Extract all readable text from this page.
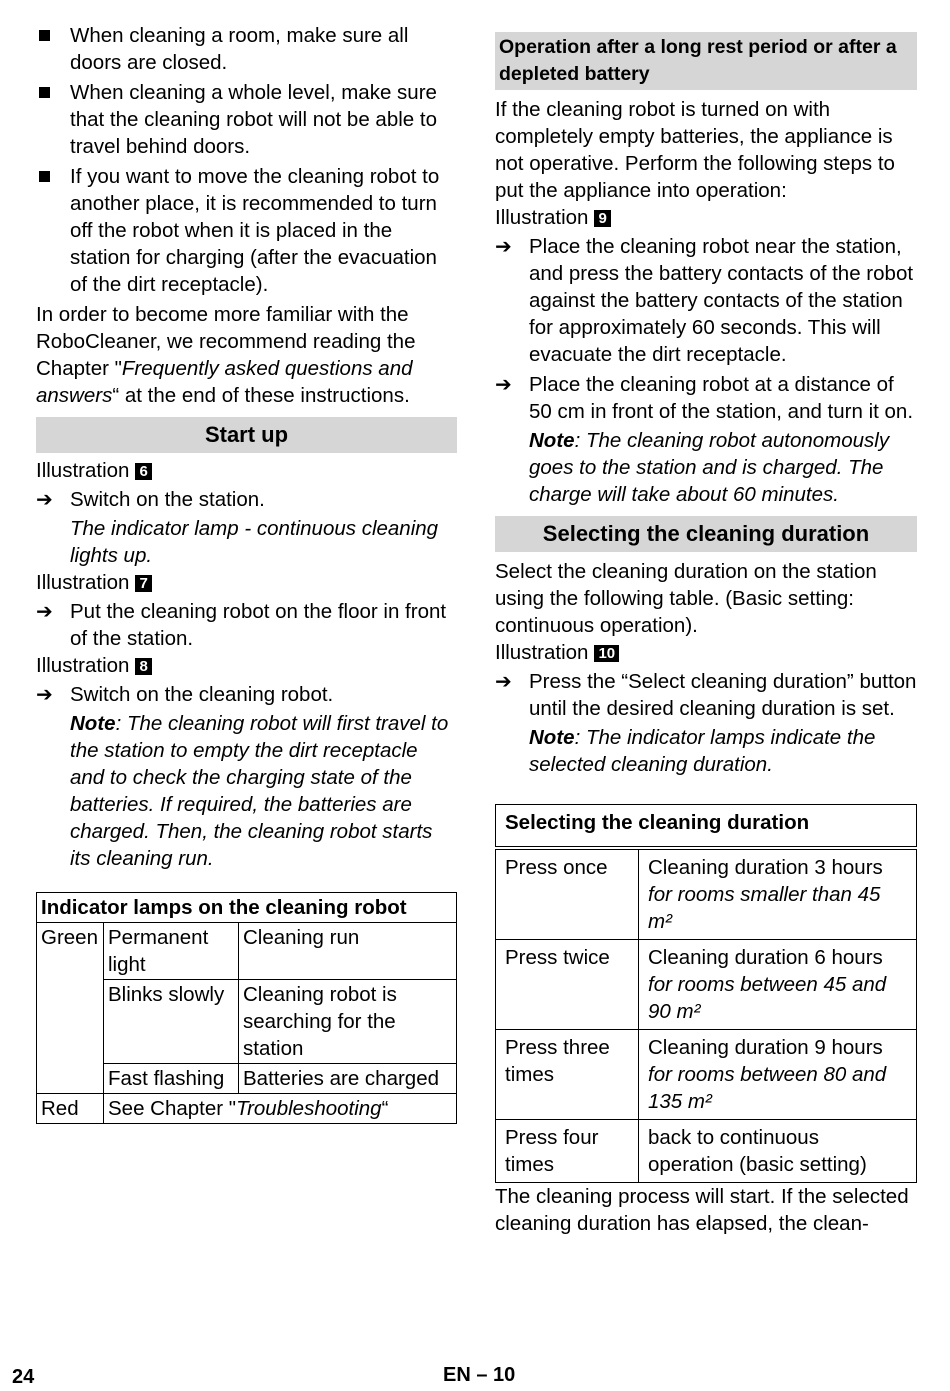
When cleaning a room, make sure all doors are closed.
When cleaning a whole level, make sure that the cleaning robot will not be able to travel behind doors.
If you want to move the cleaning robot to another place, it is recommended to turn off the robot when it is placed in the station for charging (after the evacuation of the dirt receptacle).

In order to become more familiar with the RoboCleaner, we recommend reading the Chapter "Frequently asked questions and answers“ at the end of these instructions.

Start up

Illustration 6

➔ Switch on the station.

The indicator lamp - continuous cleaning lights up.

Illustration 7

➔ Put the cleaning robot on the floor in front of the station.

Illustration 8

➔ Switch on the cleaning robot.

Note: The cleaning robot will first travel to the station to empty the dirt receptacle and to check the charging state of the batteries. If required, the batteries are charged. Then, the cleaning robot starts its cleaning run.

Indicator lamps on the cleaning robot		
Green	Permanent light	Cleaning run
	Blinks slowly	Cleaning robot is searching for the station
	Fast flashing	Batteries are charged
Red	See Chapter "Troubleshooting“	
Operation after a long rest period or after a depleted battery

If the cleaning robot is turned on with completely empty batteries, the appliance is not operative. Perform the following steps to put the appliance into operation:

Illustration 9

➔ Place the cleaning robot near the station, and press the battery contacts of the robot against the battery contacts of the station for approximately 60 seconds. This will evacuate the dirt receptacle.
➔ Place the cleaning robot at a distance of 50 cm in front of the station, and turn it on.

Note: The cleaning robot autonomously goes to the station and is charged. The charge will take about 60 minutes.

Selecting the cleaning duration

Select the cleaning duration on the station using the following table. (Basic setting: continuous operation).

Illustration 10

➔ Press the “Select cleaning duration” button until the desired cleaning duration is set.

Note: The indicator lamps indicate the selected cleaning duration.

Selecting the cleaning duration	
Press once	Cleaning duration 3 hours
for rooms smaller than 45 m²

Press twice	Cleaning duration 6 hours
for rooms between 45 and 90 m²

Press three times	Cleaning duration 9 hours
for rooms between 80 and 135 m²

Press four times	back to continuous operation (basic setting)

The cleaning process will start. If the selected cleaning duration has elapsed, the clean-

24	EN – 10
